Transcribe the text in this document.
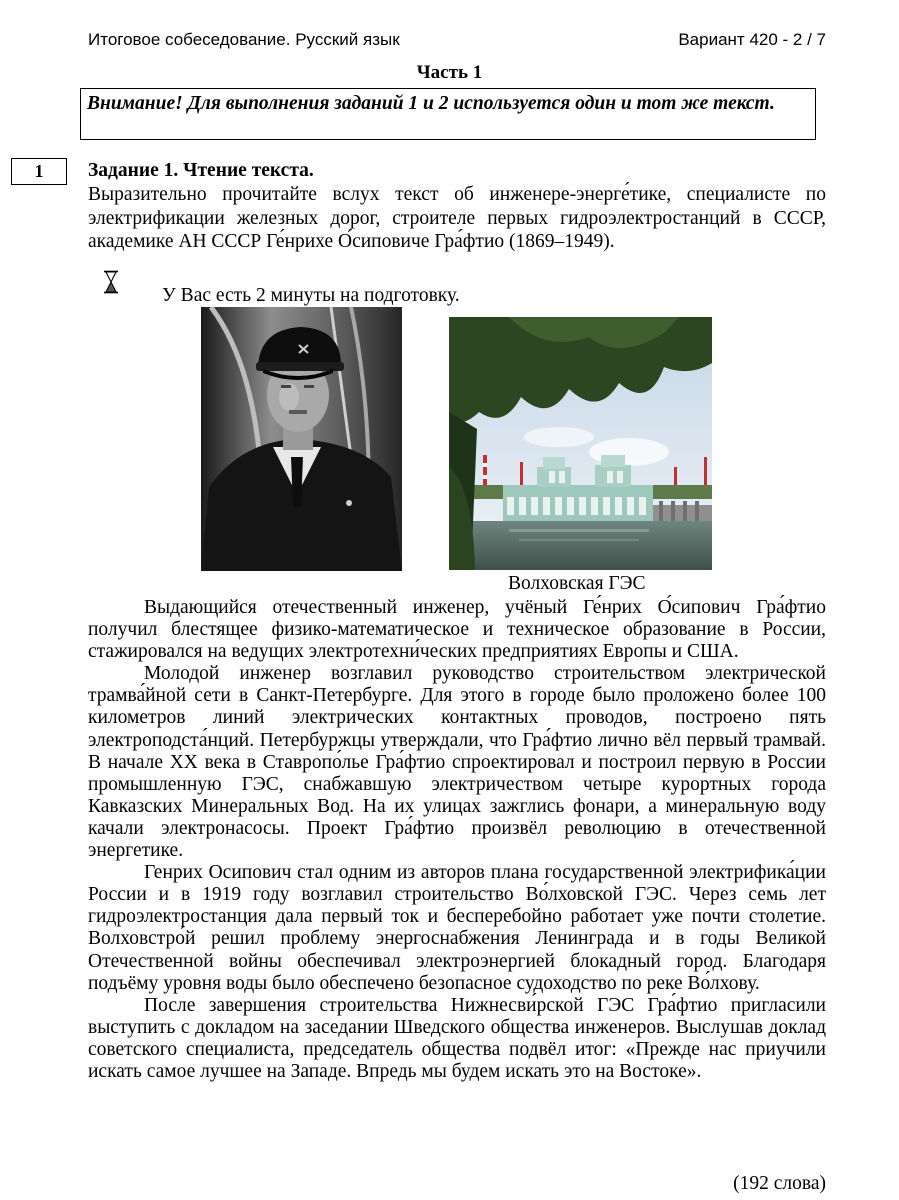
Итоговое собеседование. Русский язык	Вариант 420 - 2 / 7
Часть 1
Внимание! Для выполнения заданий 1 и 2 используется один и тот же текст.
1	Задание 1. Чтение текста.
Выразительно прочитайте вслух текст об инженере-энерге́тике, специалисте по электрификации железных дорог, строителе первых гидроэлектростанций в СССР, академике АН СССР Ге́нрихе О́сиповиче Гра́фтио (1869–1949).
У Вас есть 2 минуты на подготовку.
Волховская ГЭС

Выдающийся отечественный инженер, учёный Ге́нрих О́сипович Гра́фтио получил блестящее физико-математическое и техническое образование в России, стажировался на ведущих электротехни́ческих предприятиях Европы и США.

Молодой инженер возглавил руководство строительством электрической трамва́йной сети в Санкт-Петербурге. Для этого в городе было проложено более 100 километров линий электрических контактных проводов, построено пять электроподста́нций. Петербуржцы утверждали, что Гра́фтио лично вёл первый трамвай. В начале ХХ века в Ставропо́лье Гра́фтио спроектировал и построил первую в России промышленную ГЭС, снабжавшую электричеством четыре курортных города Кавказских Минеральных Вод. На их улицах зажглись фонари, а минеральную воду качали электронасосы. Проект Гра́фтио произвёл революцию в отечественной энергетике.

Генрих Осипович стал одним из авторов плана государственной электрифика́ции России и в 1919 году возглавил строительство Во́лховской ГЭС. Через семь лет гидроэлектростанция дала первый ток и бесперебойно работает уже почти столетие. Волховстро́й решил проблему энергоснабжения Ленинграда и в годы Великой Отечественной войны обеспечивал электроэнергией блокадный город. Благодаря подъёму уровня воды было обеспечено безопасное судоходство по реке Во́лхову.

После завершения строительства Нижнесви́рской ГЭС Гра́фтио пригласили выступить с докладом на заседании Шведского общества инженеров. Выслушав доклад советского специалиста, председатель общества подвёл итог: «Прежде нас приучили искать самое лучшее на Западе. Впредь мы будем искать это на Востоке».

(192 слова)
